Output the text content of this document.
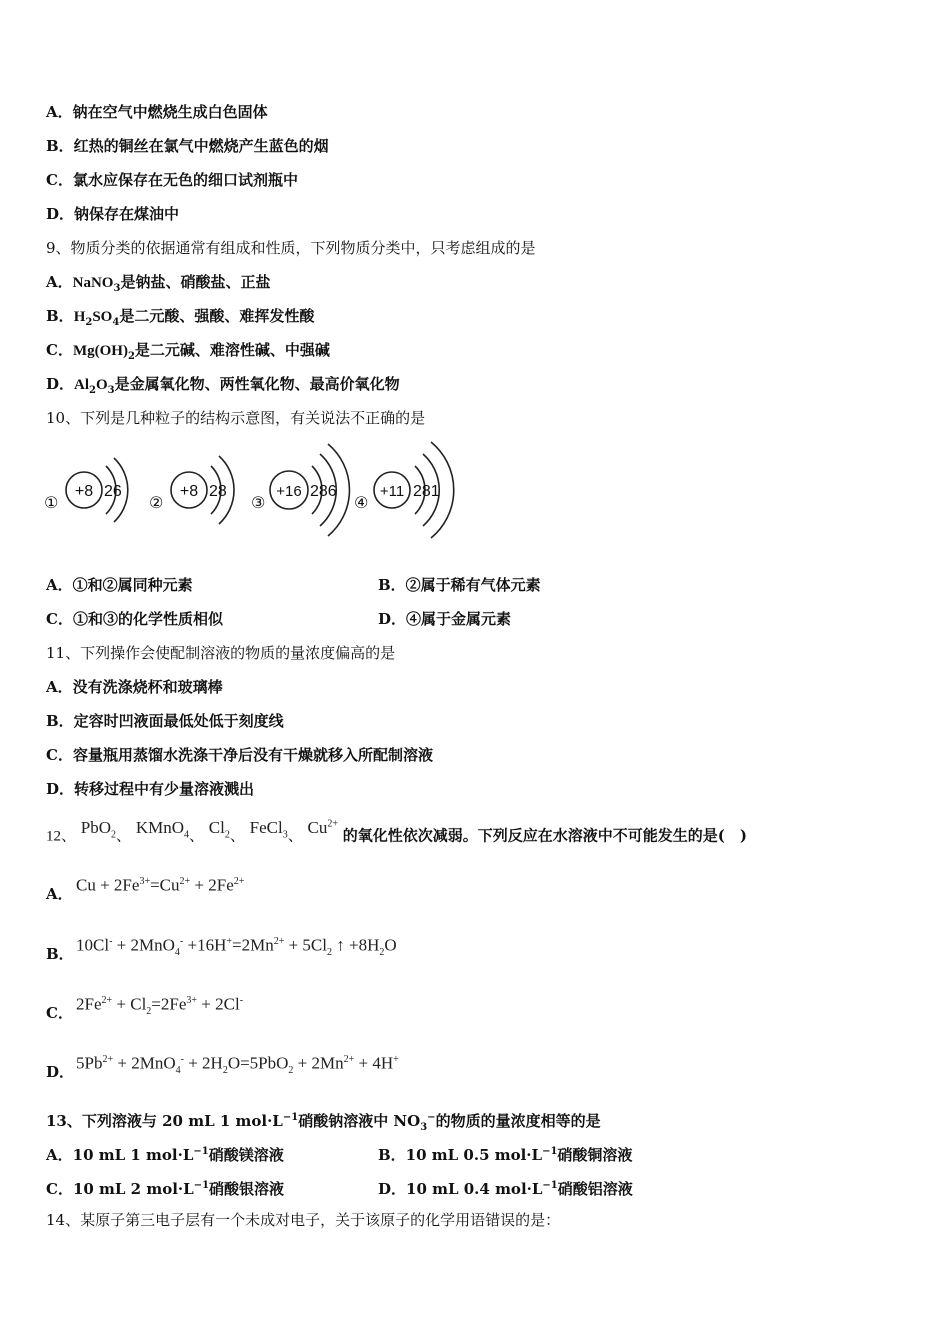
A．钠在空气中燃烧生成白色固体
B．红热的铜丝在氯气中燃烧产生蓝色的烟
C．氯水应保存在无色的细口试剂瓶中
D．钠保存在煤油中
9、物质分类的依据通常有组成和性质，下列物质分类中，只考虑组成的是
A．NaNO$_3$是钠盐、硝酸盐、正盐
B．$H_2SO_4$是二元酸、强酸、难挥发性酸
C．$Mg(OH)_2$是二元碱、难溶性碱、中强碱
D．$Al_2O_3$是金属氧化物、两性氧化物、最高价氧化物
10、下列是几种粒子的结构示意图，有关说法不正确的是
①
+8 26
②
+8 28
③
+16 286
④
+11 281
A．①和②属同种元素	B．②属于稀有气体元素
C．①和③的化学性质相似	D．④属于金属元素
11、下列操作会使配制溶液的物质的量浓度偏高的是
A．没有洗涤烧杯和玻璃棒
B．定容时凹液面最低处低于刻度线
C．容量瓶用蒸馏水洗涤干净后没有干燥就移入所配制溶液
D．转移过程中有少量溶液溅出
12、 PbO$_2$、 KMnO$_4$、 $Cl_2$、 FeCl$_3$、 $Cu^{2+}$ 的氧化性依次减弱。下列反应在水溶液中不可能发生的是(　)
A． $Cu + 2Fe^{3+}=Cu^{2+} + 2Fe^{2+}$
B． $10Cl^- + 2MnO_4^- +16H^+=2Mn^{2+} + 5Cl_2$ ↑ $+8H_2O$
C． $2Fe^{2+} + Cl_2=2Fe^{3+} + 2Cl^-$
D． $5Pb^{2+} + 2MnO_4^- + 2H_2O=5PbO_2 + 2Mn^{2+} + 4H^+$
13、下列溶液与 20 mL 1 $mol\cdot L^{-1}$硝酸钠溶液中 $NO_3^-$的物质的量浓度相等的是
A．10 mL 1 $mol\cdot L^{-1}$硝酸镁溶液	B．10 mL 0.5 $mol\cdot L^{-1}$硝酸铜溶液
C．10 mL 2 $mol\cdot L^{-1}$硝酸银溶液	D．10 mL 0.4 $mol\cdot L^{-1}$硝酸铝溶液
14、某原子第三电子层有一个未成对电子，关于该原子的化学用语错误的是：
